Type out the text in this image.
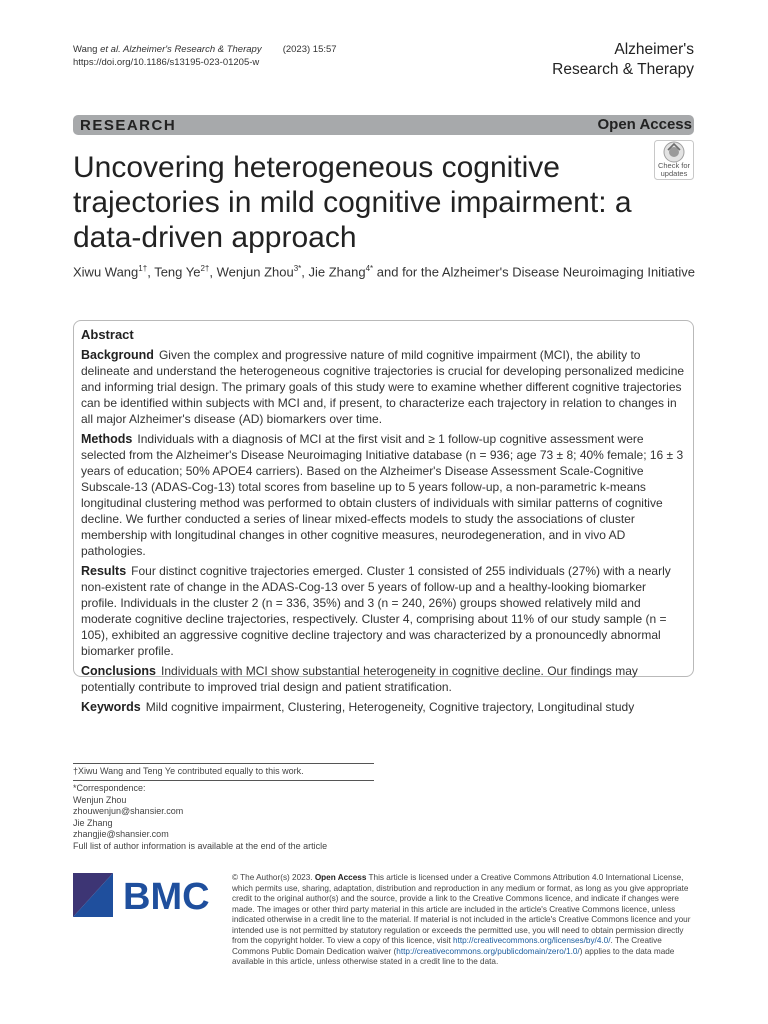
Wang et al. Alzheimer's Research & Therapy (2023) 15:57
https://doi.org/10.1186/s13195-023-01205-w
Alzheimer's
Research & Therapy
RESEARCH	Open Access
Uncovering heterogeneous cognitive trajectories in mild cognitive impairment: a data-driven approach
Check for
updates
Xiwu Wang$^{1\dagger}$, Teng $Ye^{2\dagger}$, Wenjun Zhou$^{3*}$, Jie Zhang$^{4*}$ and for the Alzheimer's Disease Neuroimaging Initiative
Abstract
Background Given the complex and progressive nature of mild cognitive impairment (MCI), the ability to delineate and understand the heterogeneous cognitive trajectories is crucial for developing personalized medicine and informing trial design. The primary goals of this study were to examine whether different cognitive trajectories can be identified within subjects with MCI and, if present, to characterize each trajectory in relation to changes in all major Alzheimer's disease (AD) biomarkers over time.
Methods Individuals with a diagnosis of MCI at the first visit and ≥ 1 follow-up cognitive assessment were selected from the Alzheimer's Disease Neuroimaging Initiative database (n = 936; age 73 ± 8; 40% female; 16 ± 3 years of education; 50% APOE4 carriers). Based on the Alzheimer's Disease Assessment Scale-Cognitive Subscale-13 (ADAS-Cog-13) total scores from baseline up to 5 years follow-up, a non-parametric k-means longitudinal clustering method was performed to obtain clusters of individuals with similar patterns of cognitive decline. We further conducted a series of linear mixed-effects models to study the associations of cluster membership with longitudinal changes in other cognitive measures, neurodegeneration, and in vivo AD pathologies.
Results Four distinct cognitive trajectories emerged. Cluster 1 consisted of 255 individuals (27%) with a nearly non-existent rate of change in the ADAS-Cog-13 over 5 years of follow-up and a healthy-looking biomarker profile. Individuals in the cluster 2 (n = 336, 35%) and 3 (n = 240, 26%) groups showed relatively mild and moderate cognitive decline trajectories, respectively. Cluster 4, comprising about 11% of our study sample (n = 105), exhibited an aggressive cognitive decline trajectory and was characterized by a pronouncedly abnormal biomarker profile.
Conclusions Individuals with MCI show substantial heterogeneity in cognitive decline. Our findings may potentially contribute to improved trial design and patient stratification.
Keywords Mild cognitive impairment, Clustering, Heterogeneity, Cognitive trajectory, Longitudinal study
†Xiwu Wang and Teng Ye contributed equally to this work.
*Correspondence:
Wenjun Zhou
zhouwenjun@shansier.com
Jie Zhang
zhangjie@shansier.com
Full list of author information is available at the end of the article
BMC	© The Author(s) 2023. Open Access This article is licensed under a Creative Commons Attribution 4.0 International License, which permits use, sharing, adaptation, distribution and reproduction in any medium or format, as long as you give appropriate credit to the original author(s) and the source, provide a link to the Creative Commons licence, and indicate if changes were made. The images or other third party material in this article are included in the article's Creative Commons licence, unless indicated otherwise in a credit line to the material. If material is not included in the article's Creative Commons licence and your intended use is not permitted by statutory regulation or exceeds the permitted use, you will need to obtain permission directly from the copyright holder. To view a copy of this licence, visit http://creativecommons.org/licenses/by/4.0/. The Creative Commons Public Domain Dedication waiver (http://creativecommons.org/publicdomain/zero/1.0/) applies to the data made available in this article, unless otherwise stated in a credit line to the data.
